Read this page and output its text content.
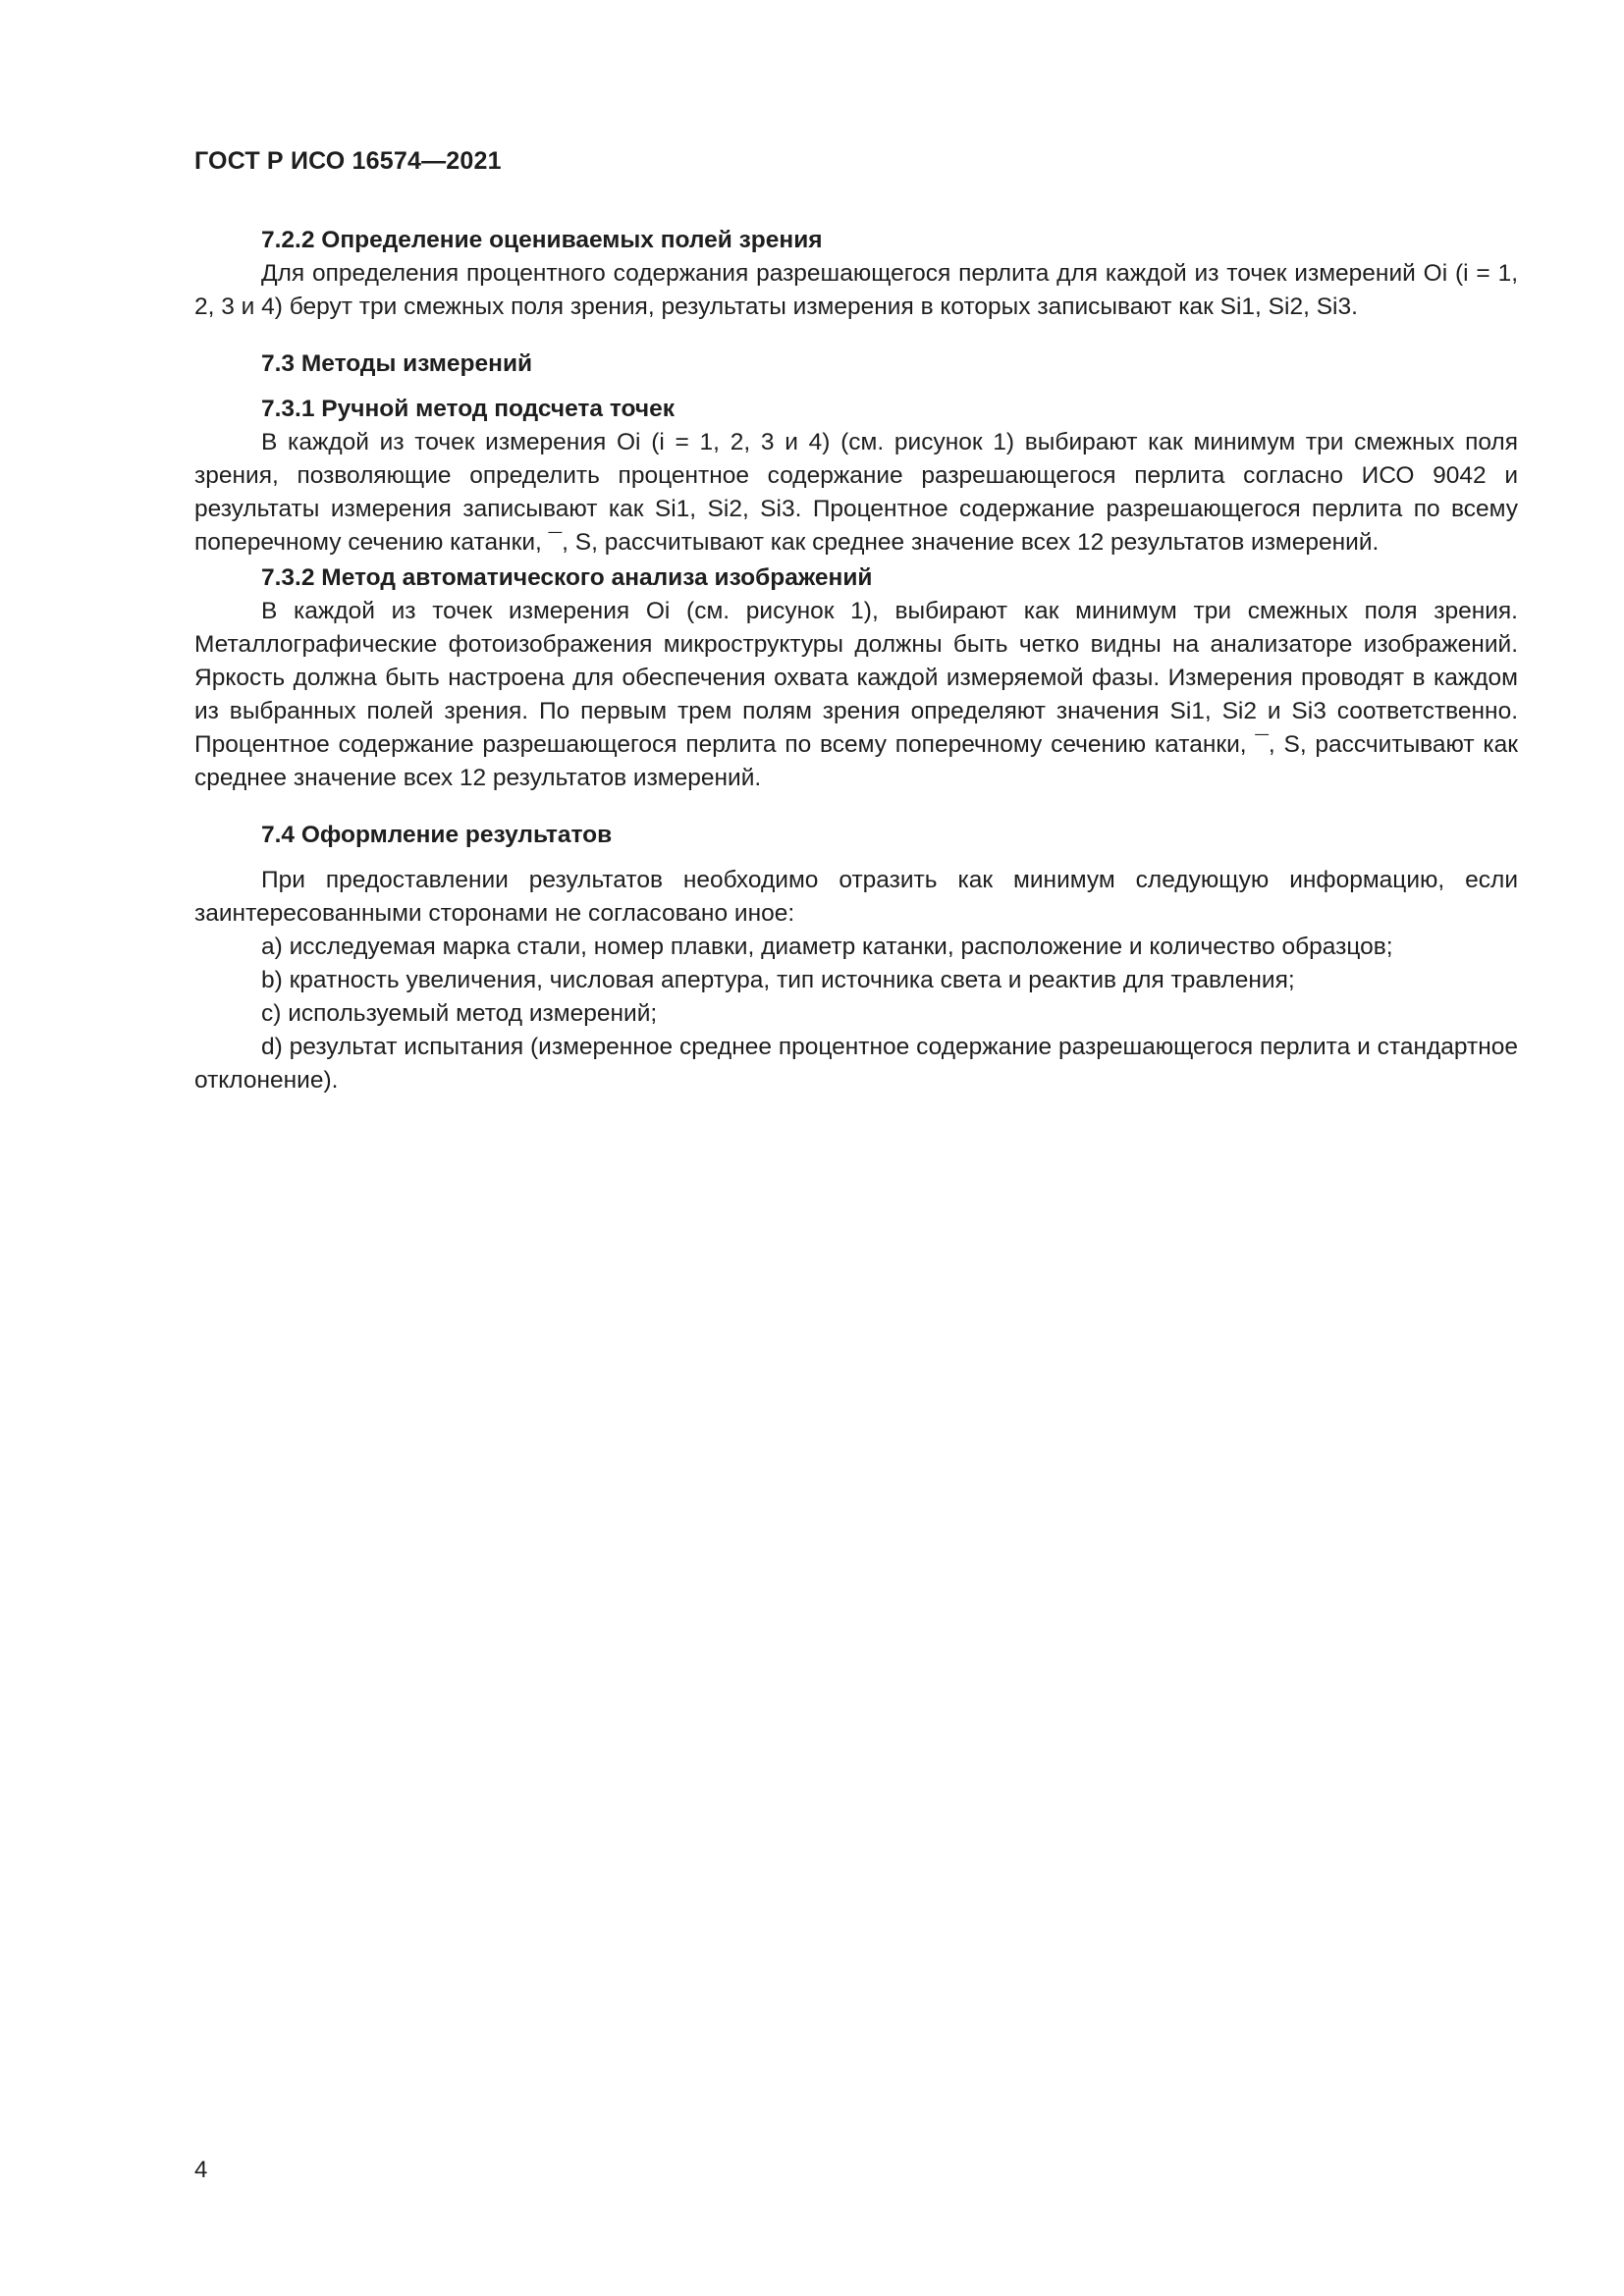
ГОСТ Р ИСО 16574—2021

7.2.2 Определение оцениваемых полей зрения

Для определения процентного содержания разрешающегося перлита для каждой из точек измерений Oi (i = 1, 2, 3 и 4) берут три смежных поля зрения, результаты измерения в которых записывают как Si1, Si2, Si3.

7.3 Методы измерений

7.3.1 Ручной метод подсчета точек

В каждой из точек измерения Oi (i = 1, 2, 3 и 4) (см. рисунок 1) выбирают как минимум три смежных поля зрения, позволяющие определить процентное содержание разрешающегося перлита согласно ИСО 9042 и результаты измерения записывают как Si1, Si2, Si3. Процентное содержание разрешающегося перлита по всему поперечному сечению катанки, ¯, S, рассчитывают как среднее значение всех 12 результатов измерений.

7.3.2 Метод автоматического анализа изображений

В каждой из точек измерения Oi (см. рисунок 1), выбирают как минимум три смежных поля зрения. Металлографические фотоизображения микроструктуры должны быть четко видны на анализаторе изображений. Яркость должна быть настроена для обеспечения охвата каждой измеряемой фазы. Измерения проводят в каждом из выбранных полей зрения. По первым трем полям зрения определяют значения Si1, Si2 и Si3 соответственно. Процентное содержание разрешающегося перлита по всему поперечному сечению катанки, ¯, S, рассчитывают как среднее значение всех 12 результатов измерений.

7.4 Оформление результатов

При предоставлении результатов необходимо отразить как минимум следующую информацию, если заинтересованными сторонами не согласовано иное:

a) исследуемая марка стали, номер плавки, диаметр катанки, расположение и количество образцов;

b) кратность увеличения, числовая апертура, тип источника света и реактив для травления;

c) используемый метод измерений;

d) результат испытания (измеренное среднее процентное содержание разрешающегося перлита и стандартное отклонение).

4
